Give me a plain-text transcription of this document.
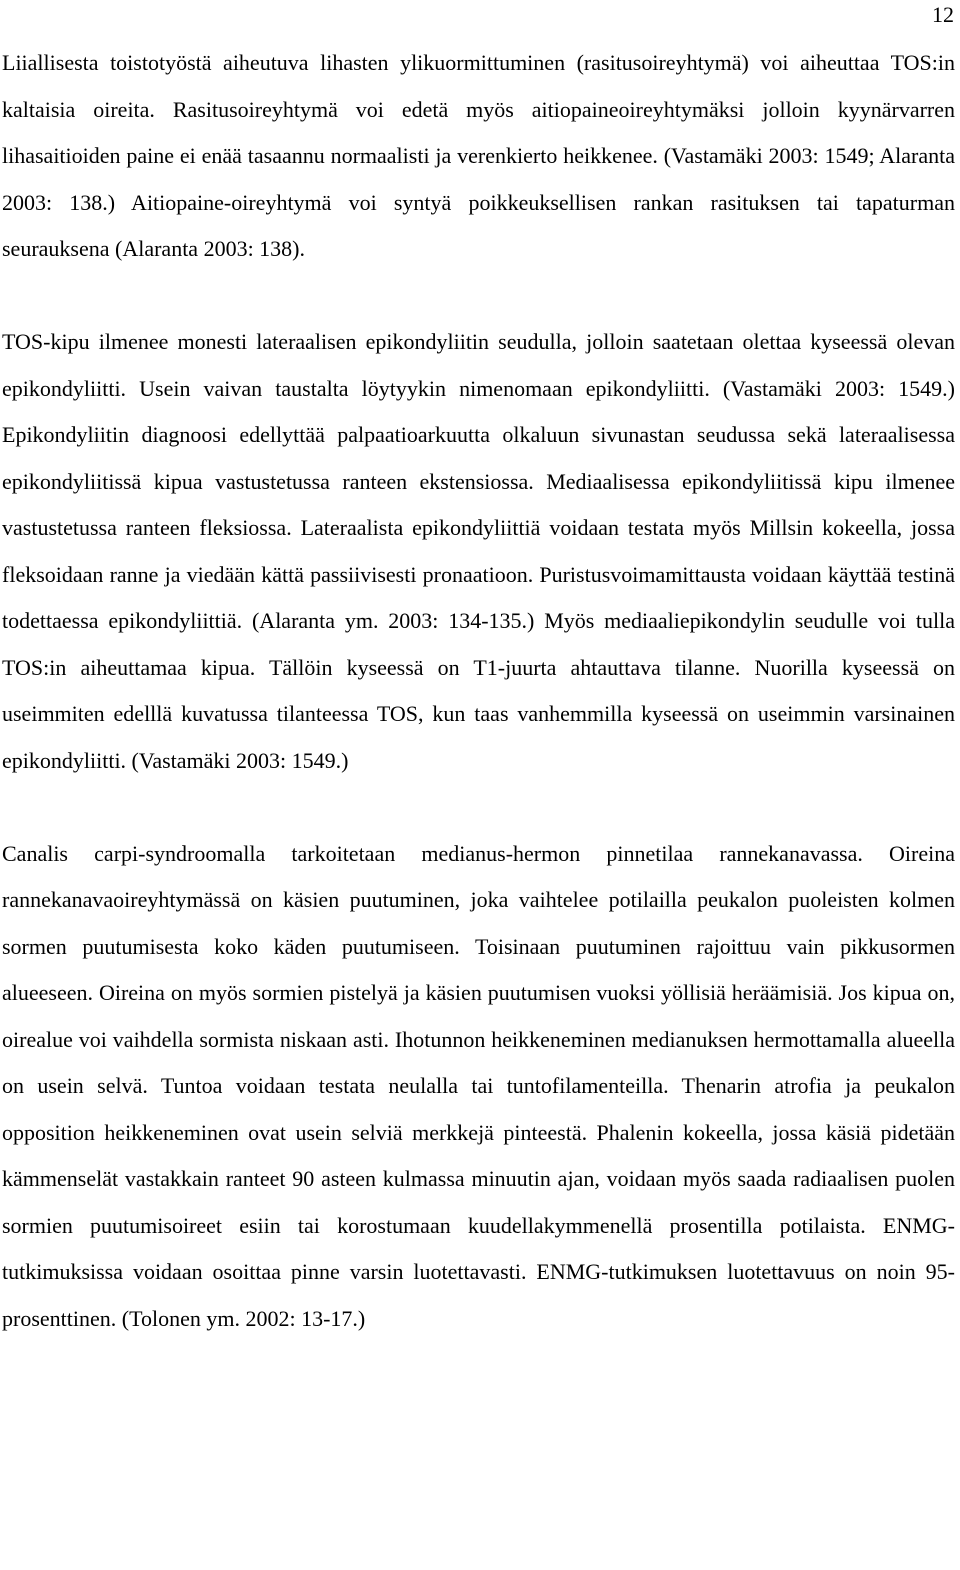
12

Liiallisesta toistotyöstä aiheutuva lihasten ylikuormittuminen (rasitusoireyhtymä) voi aiheuttaa TOS:in kaltaisia oireita. Rasitusoireyhtymä voi edetä myös aitiopaineoireyhtymäksi jolloin kyynärvarren lihasaitioiden paine ei enää tasaannu normaalisti ja verenkierto heikkenee. (Vastamäki 2003: 1549; Alaranta 2003: 138.) Aitiopaine-oireyhtymä voi syntyä poikkeuksellisen rankan rasituksen tai tapaturman seurauksena (Alaranta 2003: 138).

TOS-kipu ilmenee monesti lateraalisen epikondyliitin seudulla, jolloin saatetaan olettaa kyseessä olevan epikondyliitti. Usein vaivan taustalta löytyykin nimenomaan epikondyliitti. (Vastamäki 2003: 1549.) Epikondyliitin diagnoosi edellyttää palpaatioarkuutta olkaluun sivunastan seudussa sekä lateraalisessa epikondyliitissä kipua vastustetussa ranteen ekstensiossa. Mediaalisessa epikondyliitissä kipu ilmenee vastustetussa ranteen fleksiossa. Lateraalista epikondyliittiä voidaan testata myös Millsin kokeella, jossa fleksoidaan ranne ja viedään kättä passiivisesti pronaatioon. Puristusvoimamittausta voidaan käyttää testinä todettaessa epikondyliittiä. (Alaranta ym. 2003: 134-135.) Myös mediaaliepikondylin seudulle voi tulla TOS:in aiheuttamaa kipua. Tällöin kyseessä on T1-juurta ahtauttava tilanne. Nuorilla kyseessä on useimmiten edelllä kuvatussa tilanteessa TOS, kun taas vanhemmilla kyseessä on useimmin varsinainen epikondyliitti. (Vastamäki 2003: 1549.)

Canalis carpi-syndroomalla tarkoitetaan medianus-hermon pinnetilaa rannekanavassa. Oireina rannekanavaoireyhtymässä on käsien puutuminen, joka vaihtelee potilailla peukalon puoleisten kolmen sormen puutumisesta koko käden puutumiseen. Toisinaan puutuminen rajoittuu vain pikkusormen alueeseen. Oireina on myös sormien pistelyä ja käsien puutumisen vuoksi yöllisiä heräämisiä. Jos kipua on, oirealue voi vaihdella sormista niskaan asti. Ihotunnon heikkeneminen medianuksen hermottamalla alueella on usein selvä. Tuntoa voidaan testata neulalla tai tuntofilamenteilla. Thenarin atrofia ja peukalon opposition heikkeneminen ovat usein selviä merkkejä pinteestä. Phalenin kokeella, jossa käsiä pidetään kämmenselät vastakkain ranteet 90 asteen kulmassa minuutin ajan, voidaan myös saada radiaalisen puolen sormien puutumisoireet esiin tai korostumaan kuudellakymmenellä prosentilla potilaista. ENMG-tutkimuksissa voidaan osoittaa pinne varsin luotettavasti. ENMG-tutkimuksen luotettavuus on noin 95-prosenttinen. (Tolonen ym. 2002: 13-17.)
